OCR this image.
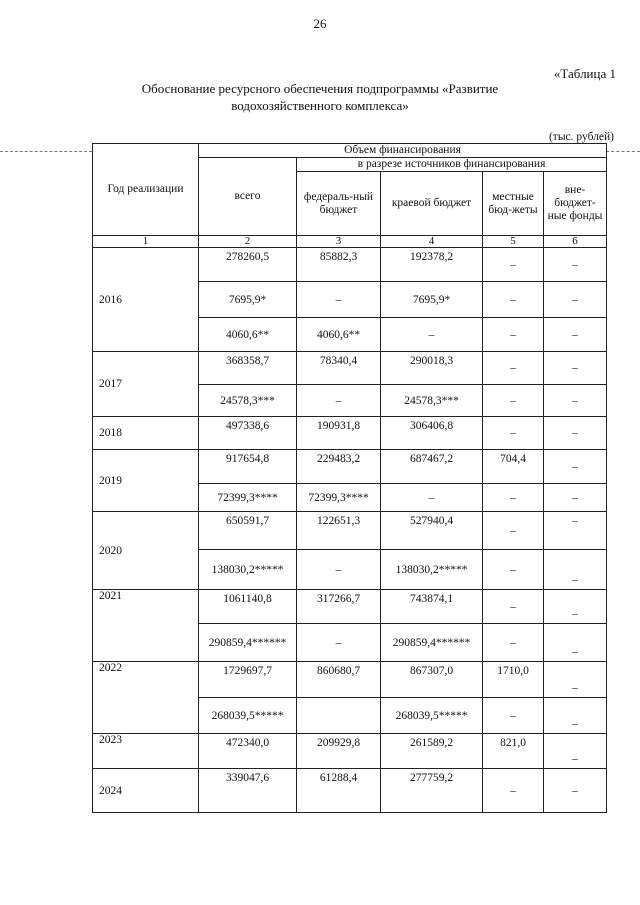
26
«Таблица 1
Обоснование ресурсного обеспечения подпрограммы «Развитие
водохозяйственного комплекса»
(тыс. рублей)
Год реализации	Объем финансирования				
	всего	в разрезе источников финансирования			
		федераль-ный бюджет	краевой бюджет	местные бюд-жеты	вне-бюджет-ные фонды
1	2	3	4	5	6
2016	278260,5	85882,3	192378,2	–	–
	7695,9*	–	7695,9*	–	–
	4060,6**	4060,6**	–	–	–
2017	368358,7	78340,4	290018,3	–	–
	24578,3***	–	24578,3***	–	–
2018	497338,6	190931,8	306406,8	–	–
2019	917654,8	229483,2	687467,2	704,4	–
	72399,3****	72399,3****	–	–	–
2020	650591,7	122651,3	527940,4	–	–
	138030,2*****	–	138030,2*****	–	–
2021	1061140,8	317266,7	743874,1	–	–
	290859,4******	–	290859,4******	–	–
2022	1729697,7	860680,7	867307,0	1710,0	–
	268039,5*****		268039,5*****	–	–
2023	472340,0	209929,8	261589,2	821,0	–
2024	339047,6	61288,4	277759,2	–	–
